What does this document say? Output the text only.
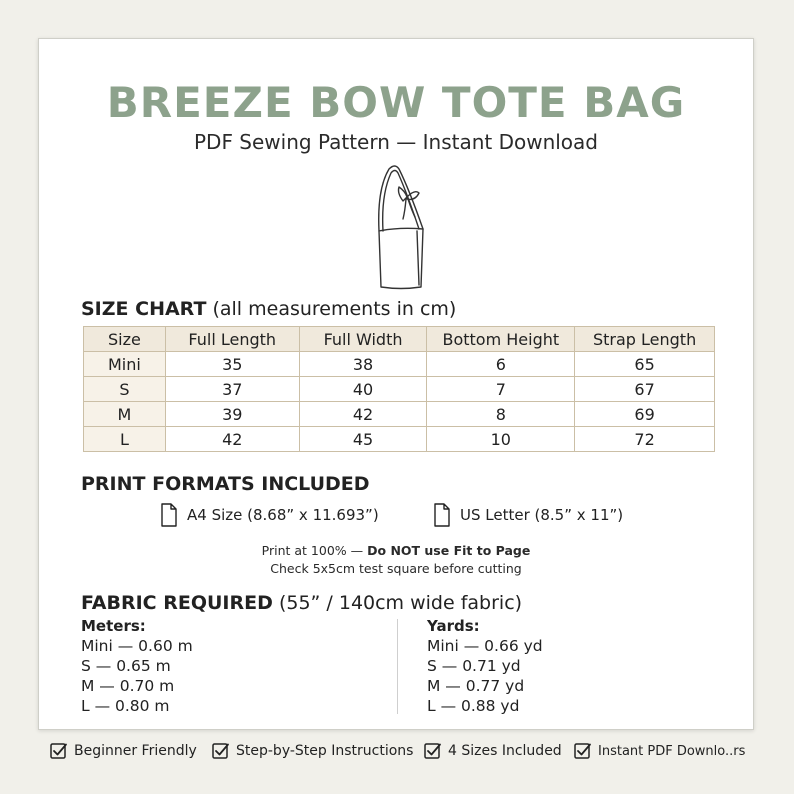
BREEZE BOW TOTE BAG
PDF Sewing Pattern — Instant Download
SIZE CHART (all measurements in cm)
Size	Full Length	Full Width	Bottom Height	Strap Length
Mini	35	38	6	65
S	37	40	7	67
M	39	42	8	69
L	42	45	10	72
PRINT FORMATS INCLUDED
A4 Size (8.68” x 11.693”)	US Letter (8.5” x 11”)
Print at 100% — Do NOT use Fit to Page
Check 5x5cm test square before cutting
FABRIC REQUIRED (55” / 140cm wide fabric)
Meters:
Mini — 0.60 m
S — 0.65 m
M — 0.70 m
L — 0.80 m
Yards:
Mini — 0.66 yd
S — 0.71 yd
M — 0.77 yd
L — 0.88 yd
Beginner Friendly	Step-by-Step Instructions 4 Sizes Included	Instant PDF Downlo..rs
